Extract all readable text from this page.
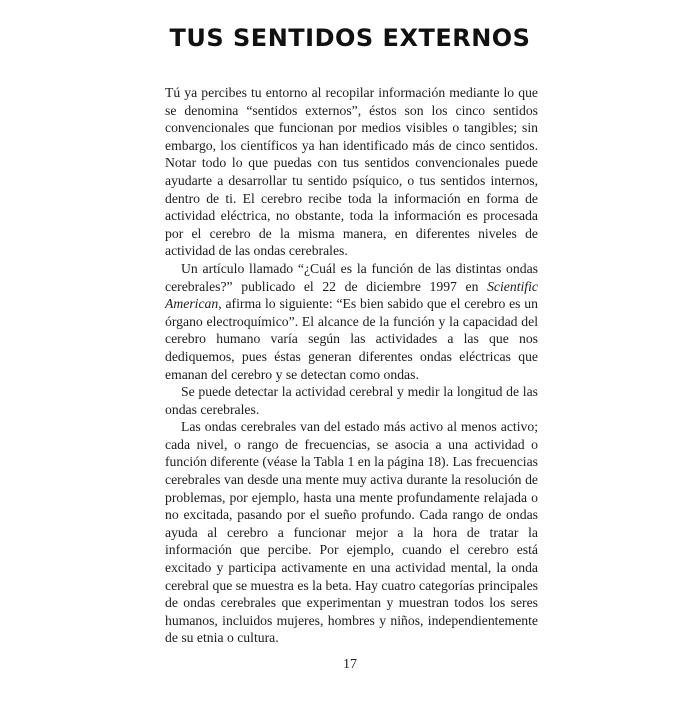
TUS SENTIDOS EXTERNOS

Tú ya percibes tu entorno al recopilar información mediante lo que se denomina “sentidos externos”, éstos son los cinco sentidos convencionales que funcionan por medios visibles o tangibles; sin embargo, los científicos ya han identificado más de cinco sentidos. Notar todo lo que puedas con tus sentidos convencionales puede ayudarte a desarrollar tu sentido psíquico, o tus sentidos internos, dentro de ti. El cerebro recibe toda la información en forma de actividad eléctrica, no obstante, toda la información es procesada por el cerebro de la misma manera, en diferentes niveles de actividad de las ondas cerebrales.

Un artículo llamado “¿Cuál es la función de las distintas ondas cerebrales?” publicado el 22 de diciembre 1997 en Scientific American, afirma lo siguiente: “Es bien sabido que el cerebro es un órgano electroquímico”. El alcance de la función y la capacidad del cerebro humano varía según las actividades a las que nos dediquemos, pues éstas generan diferentes ondas eléctricas que emanan del cerebro y se detectan como ondas.

Se puede detectar la actividad cerebral y medir la longitud de las ondas cerebrales.

Las ondas cerebrales van del estado más activo al menos activo; cada nivel, o rango de frecuencias, se asocia a una actividad o función diferente (véase la Tabla 1 en la página 18). Las frecuencias cerebrales van desde una mente muy activa durante la resolución de problemas, por ejemplo, hasta una mente profundamente relajada o no excitada, pasando por el sueño profundo. Cada rango de ondas ayuda al cerebro a funcionar mejor a la hora de tratar la información que percibe. Por ejemplo, cuando el cerebro está excitado y participa activamente en una actividad mental, la onda cerebral que se muestra es la beta. Hay cuatro categorías principales de ondas cerebrales que experimentan y muestran todos los seres humanos, incluidos mujeres, hombres y niños, independientemente de su etnia o cultura.

17
